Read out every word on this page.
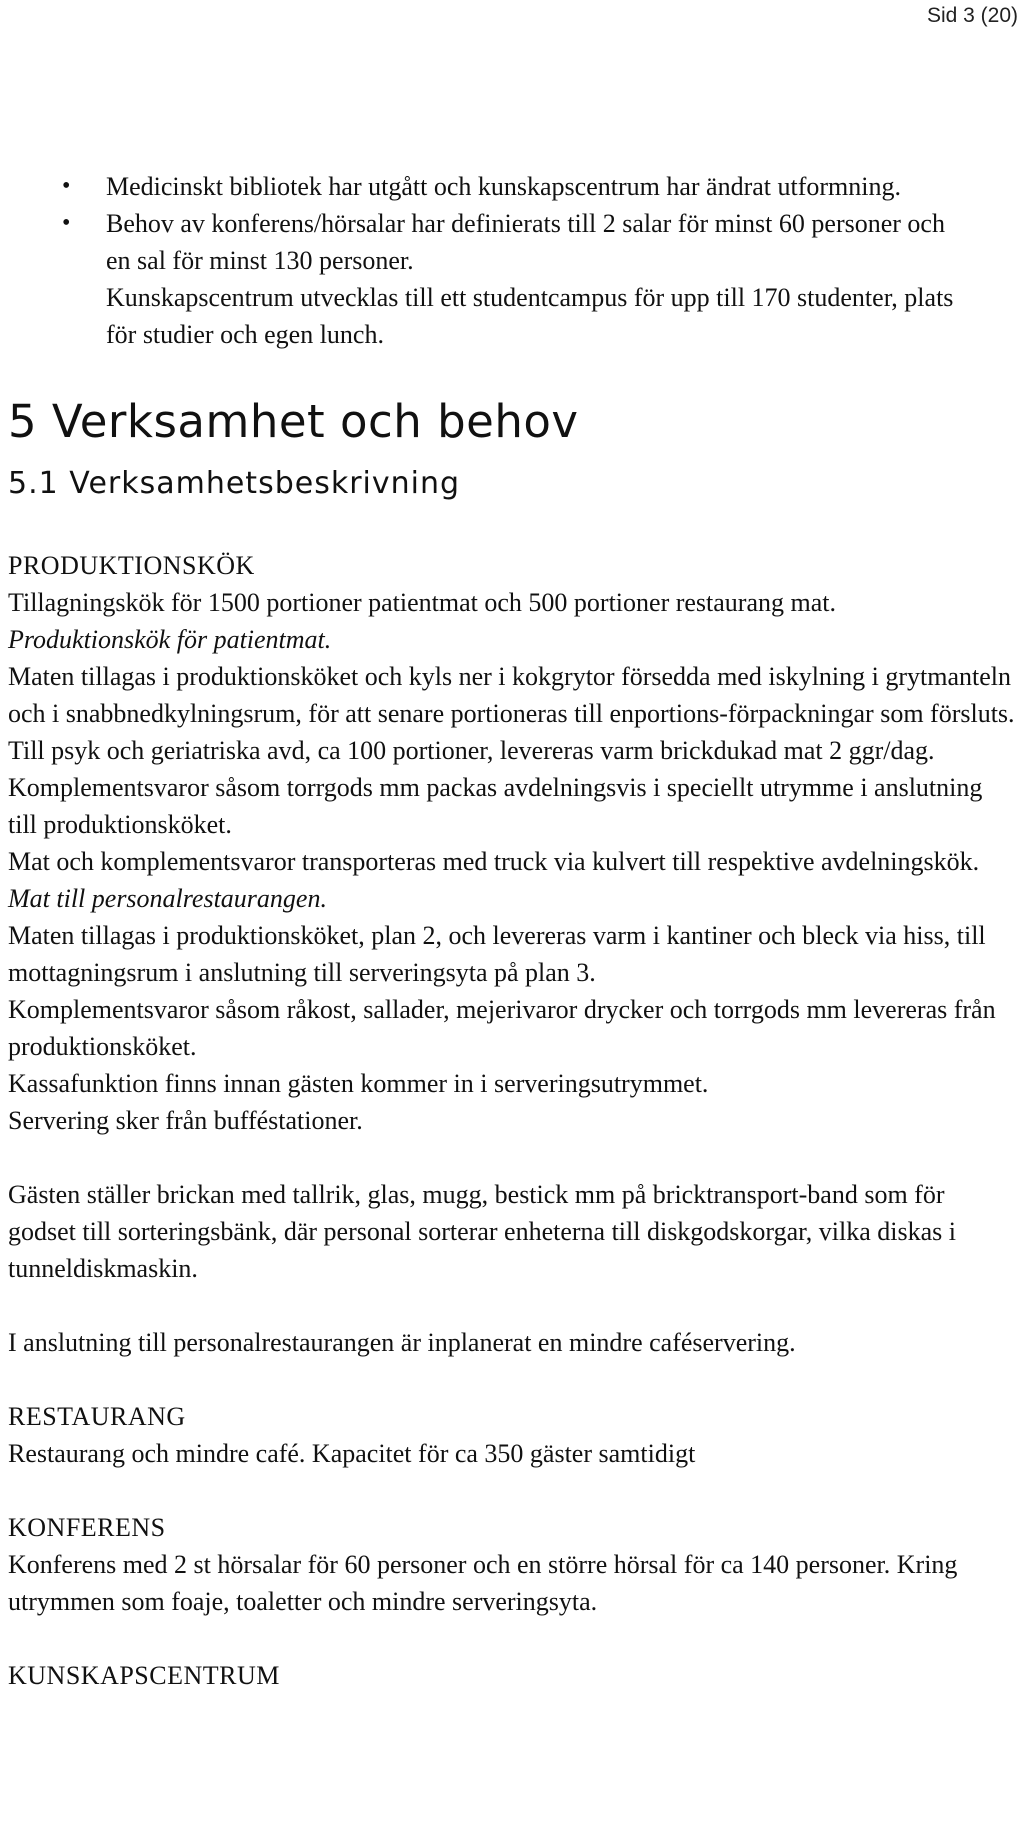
Sid 3 (20)
• Medicinskt bibliotek har utgått och kunskapscentrum har ändrat utformning.
• Behov av konferens/hörsalar har definierats till 2 salar för minst 60 personer och en sal för minst 130 personer.
Kunskapscentrum utvecklas till ett studentcampus för upp till 170 studenter, plats för studier och egen lunch.
5 Verksamhet och behov
5.1 Verksamhetsbeskrivning

PRODUKTIONSKÖK

Tillagningskök för 1500 portioner patientmat och 500 portioner restaurang mat.

Produktionskök för patientmat.

Maten tillagas i produktionsköket och kyls ner i kokgrytor försedda med iskylning i grytmanteln och i snabbnedkylningsrum, för att senare portioneras till enportions-förpackningar som försluts.

Till psyk och geriatriska avd, ca 100 portioner, levereras varm brickdukad mat 2 ggr/dag.

Komplementsvaror såsom torrgods mm packas avdelningsvis i speciellt utrymme i anslutning till produktionsköket.

Mat och komplementsvaror transporteras med truck via kulvert till respektive avdelningskök.

Mat till personalrestaurangen.

Maten tillagas i produktionsköket, plan 2, och levereras varm i kantiner och bleck via hiss, till mottagningsrum i anslutning till serveringsyta på plan 3.

Komplementsvaror såsom råkost, sallader, mejerivaror drycker och torrgods mm levereras från produktionsköket.

Kassafunktion finns innan gästen kommer in i serveringsutrymmet.

Servering sker från bufféstationer.

Gästen ställer brickan med tallrik, glas, mugg, bestick mm på bricktransport-band som för godset till sorteringsbänk, där personal sorterar enheterna till diskgodskorgar, vilka diskas i tunneldiskmaskin.

I anslutning till personalrestaurangen är inplanerat en mindre caféservering.

RESTAURANG

Restaurang och mindre café. Kapacitet för ca 350 gäster samtidigt

KONFERENS

Konferens med 2 st hörsalar för 60 personer och en större hörsal för ca 140 personer. Kring utrymmen som foaje, toaletter och mindre serveringsyta.

KUNSKAPSCENTRUM
